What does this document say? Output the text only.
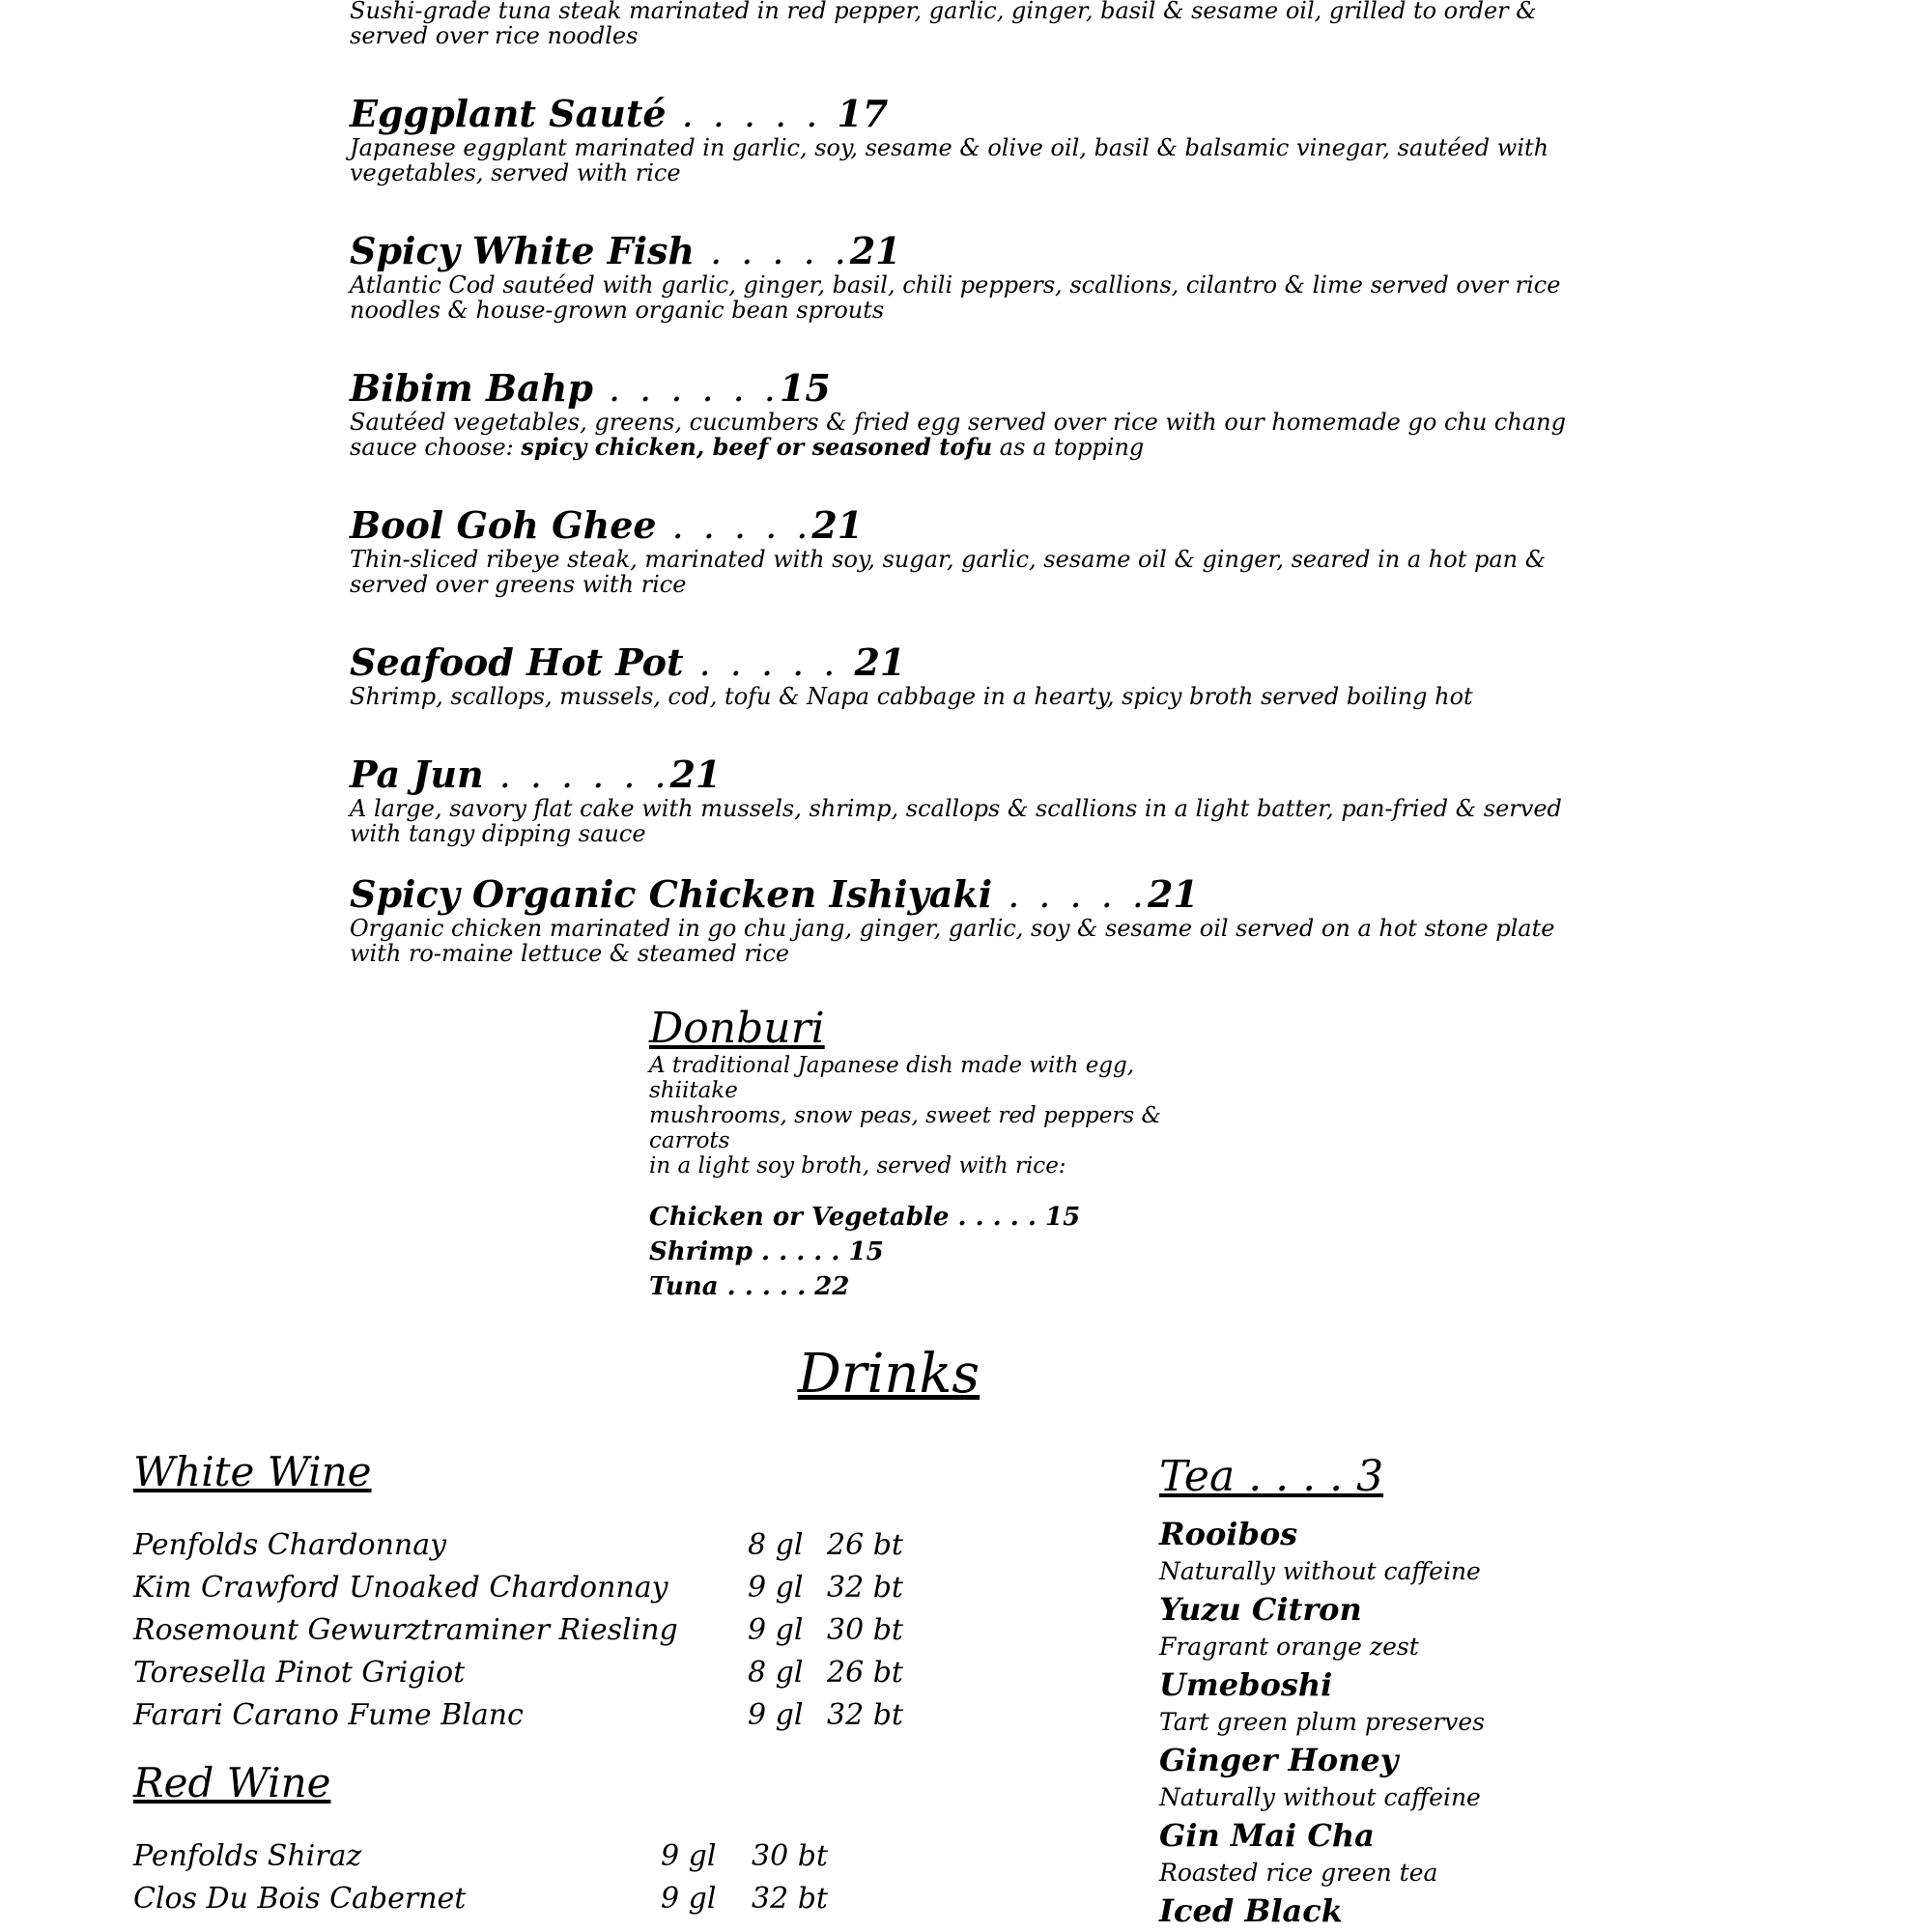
Sushi-grade tuna steak marinated in red pepper, garlic, ginger, basil & sesame oil, grilled to order & served over rice noodles

Eggplant Sauté . . . . . 17

Japanese eggplant marinated in garlic, soy, sesame & olive oil, basil & balsamic vinegar, sautéed with vegetables, served with rice

Spicy White Fish . . . . .21

Atlantic Cod sautéed with garlic, ginger, basil, chili peppers, scallions, cilantro & lime served over rice noodles & house-grown organic bean sprouts

Bibim Bahp . . . . . .15

Sautéed vegetables, greens, cucumbers & fried egg served over rice with our homemade go chu chang sauce choose: spicy chicken, beef or seasoned tofu as a topping

Bool Goh Ghee . . . . .21

Thin-sliced ribeye steak, marinated with soy, sugar, garlic, sesame oil & ginger, seared in a hot pan & served over greens with rice

Seafood Hot Pot . . . . . 21

Shrimp, scallops, mussels, cod, tofu & Napa cabbage in a hearty, spicy broth served boiling hot

Pa Jun . . . . . .21

A large, savory flat cake with mussels, shrimp, scallops & scallions in a light batter, pan-fried & served with tangy dipping sauce

Spicy Organic Chicken Ishiyaki . . . . .21

Organic chicken marinated in go chu jang, ginger, garlic, soy & sesame oil served on a hot stone plate with ro-maine lettuce & steamed rice

Donburi

A traditional Japanese dish made with egg, shiitake

mushrooms, snow peas, sweet red peppers & carrots

in a light soy broth, served with rice:

Chicken or Vegetable . . . . . 15
Shrimp . . . . . 15
Tuna . . . . . 22

Drinks

White Wine

Penfolds Chardonnay	8 gl 26 bt
Kim Crawford Unoaked Chardonnay	9 gl 32 bt
Rosemount Gewurztraminer Riesling 9 gl 30 bt
Toresella Pinot Grigiot	8 gl 26 bt
Farari Carano Fume Blanc	9 gl 32 bt

Red Wine

Penfolds Shiraz	9 gl 30 bt
Clos Du Bois Cabernet	9 gl 32 bt

Tea . . . . 3

Rooibos

Naturally without caffeine

Yuzu Citron

Fragrant orange zest

Umeboshi

Tart green plum preserves

Ginger Honey

Naturally without caffeine

Gin Mai Cha

Roasted rice green tea

Iced Black
